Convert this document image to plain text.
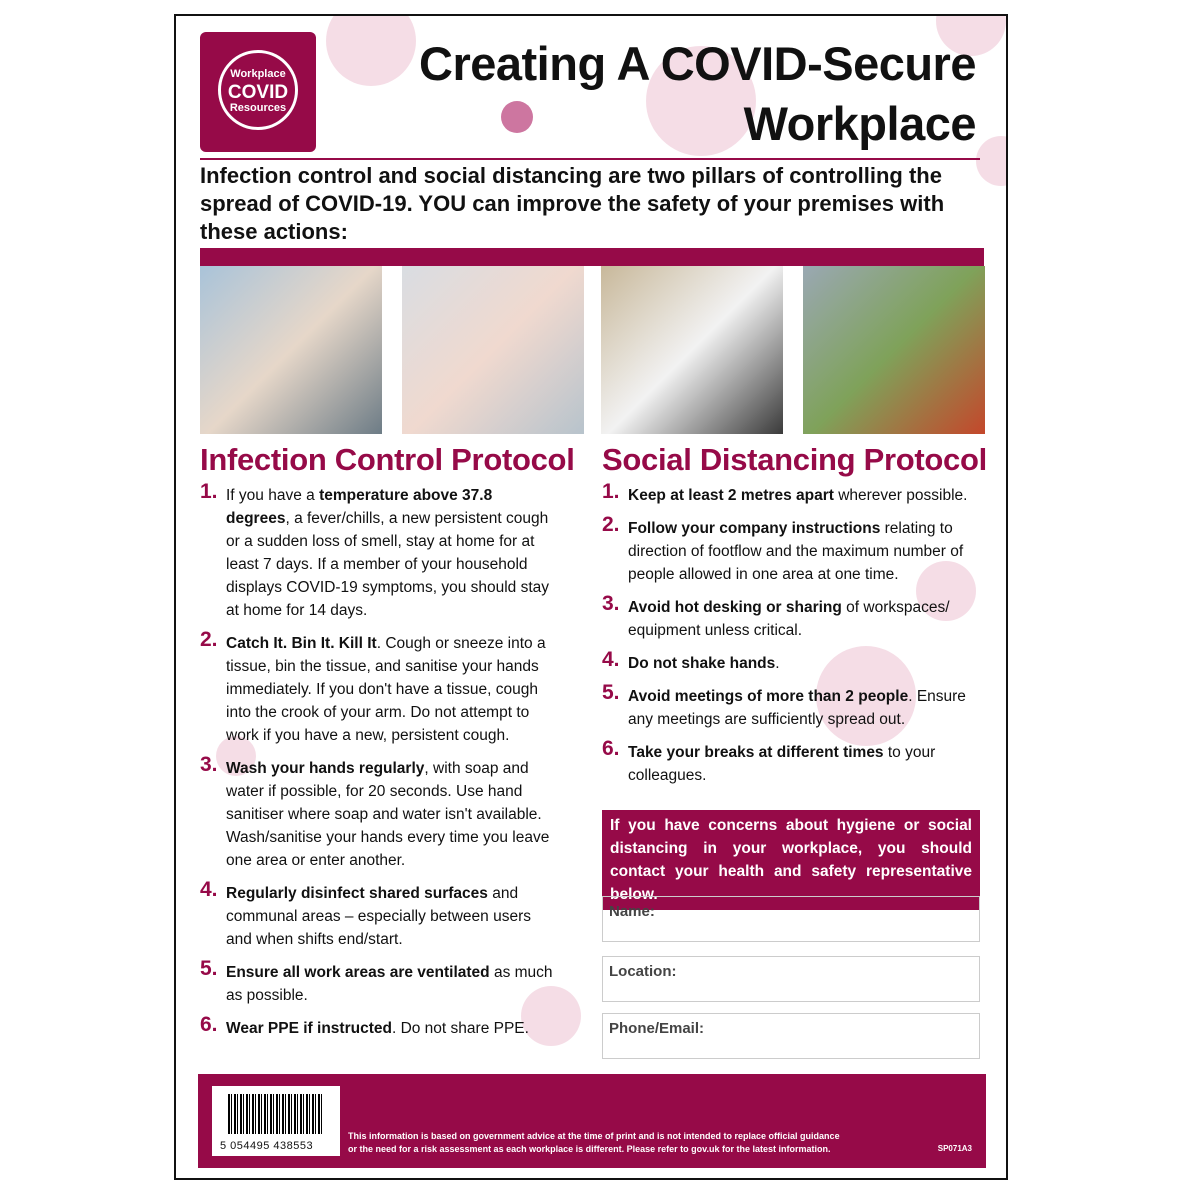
Workplace
COVID
Resources
Creating A COVID-Secure
Workplace
Infection control and social distancing are two pillars of controlling the spread of COVID-19. YOU can improve the safety of your premises with these actions:
Infection Control Protocol Social Distancing Protocol
1. If you have a temperature above 37.8 degrees, a fever/chills, a new persistent cough or a sudden loss of smell, stay at home for at least 7 days. If a member of your household displays COVID-19 symptoms, you should stay at home for 14 days.
2. Catch It. Bin It. Kill It. Cough or sneeze into a tissue, bin the tissue, and sanitise your hands immediately. If you don't have a tissue, cough into the crook of your arm. Do not attempt to work if you have a new, persistent cough.
3. Wash your hands regularly, with soap and water if possible, for 20 seconds. Use hand sanitiser where soap and water isn't available. Wash/sanitise your hands every time you leave one area or enter another.
4. Regularly disinfect shared surfaces and communal areas – especially between users and when shifts end/start.
5. Ensure all work areas are ventilated as much as possible.
6. Wear PPE if instructed. Do not share PPE.
1. Keep at least 2 metres apart wherever possible.
2. Follow your company instructions relating to direction of footflow and the maximum number of people allowed in one area at one time.
3. Avoid hot desking or sharing of workspaces/ equipment unless critical.
4. Do not shake hands.
5. Avoid meetings of more than 2 people. Ensure any meetings are sufficiently spread out.
6. Take your breaks at different times to your colleagues.
If you have concerns about hygiene or social distancing in your workplace, you should contact your health and safety representative below.
Name:
Location:
Phone/Email:
5 054495 438553
This information is based on government advice at the time of print and is not intended to replace official guidance
or the need for a risk assessment as each workplace is different. Please refer to gov.uk for the latest information.	SP071A3
